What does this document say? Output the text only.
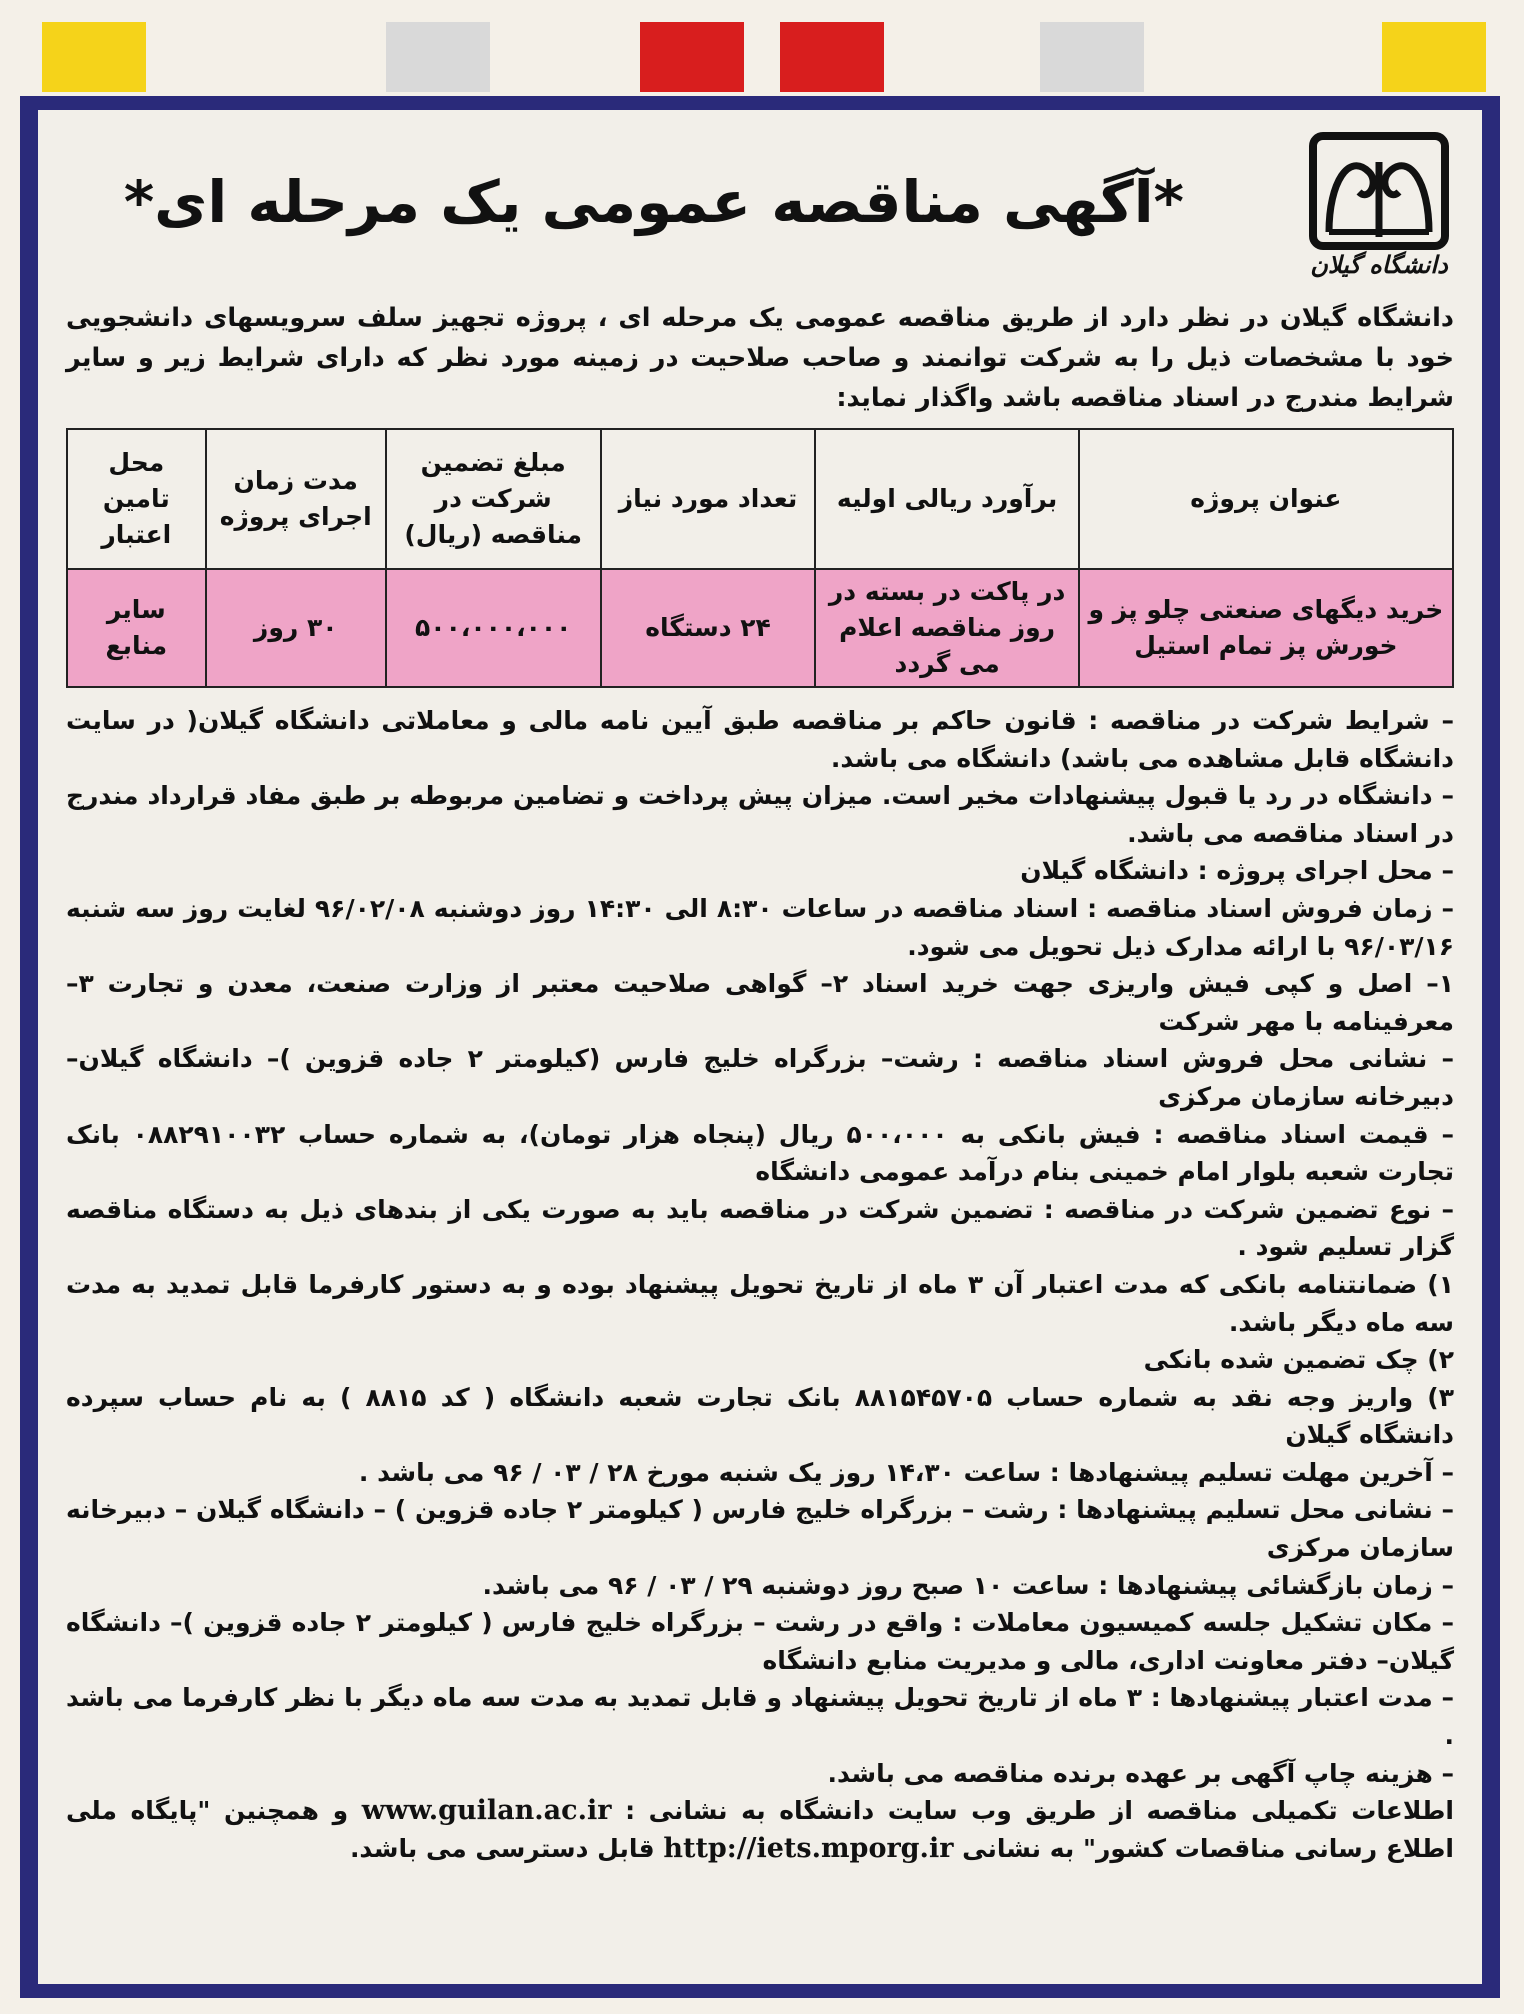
دانشگاه گیلان
*آگهی مناقصه عمومی یک مرحله ای*
دانشگاه گیلان در نظر دارد از طریق مناقصه عمومی یک مرحله ای ، پروژه تجهیز سلف سرویسهای دانشجویی خود با مشخصات ذیل را به شرکت توانمند و صاحب صلاحیت در زمینه مورد نظر که دارای شرایط زیر و سایر شرایط مندرج در اسناد مناقصه باشد واگذار نماید:
عنوان پروژه	برآورد ریالی اولیه	تعداد مورد نیاز	مبلغ تضمین شرکت در مناقصه (ریال)	مدت زمان اجرای پروژه	محل تامین اعتبار
خرید دیگهای صنعتی چلو پز و خورش پز تمام استیل	در پاکت در بسته در روز مناقصه اعلام می گردد	۲۴ دستگاه	۵۰۰،۰۰۰،۰۰۰	۳۰ روز	سایر منابع

– شرایط شرکت در مناقصه : قانون حاکم بر مناقصه طبق آیین نامه مالی و معاملاتی دانشگاه گیلان( در سایت دانشگاه قابل مشاهده می باشد) دانشگاه می باشد.

– دانشگاه در رد یا قبول پیشنهادات مخیر است. میزان پیش پرداخت و تضامین مربوطه بر طبق مفاد قرارداد مندرج در اسناد مناقصه می باشد.

– محل اجرای پروژه : دانشگاه گیلان

– زمان فروش اسناد مناقصه : اسناد مناقصه در ساعات ۸:۳۰ الی ۱۴:۳۰ روز دوشنبه ۹۶/۰۲/۰۸ لغایت روز سه شنبه ۹۶/۰۳/۱۶ با ارائه مدارک ذیل تحویل می شود.

۱– اصل و کپی فیش واریزی جهت خرید اسناد ۲– گواهی صلاحیت معتبر از وزارت صنعت، معدن و تجارت ۳– معرفینامه با مهر شرکت

– نشانی محل فروش اسناد مناقصه : رشت– بزرگراه خلیج فارس (کیلومتر ۲ جاده قزوین )– دانشگاه گیلان– دبیرخانه سازمان مرکزی

– قیمت اسناد مناقصه : فیش بانکی به ۵۰۰،۰۰۰ ریال (پنجاه هزار تومان)، به شماره حساب ۰۸۸۲۹۱۰۰۳۲ بانک تجارت شعبه بلوار امام خمینی بنام درآمد عمومی دانشگاه

– نوع تضمین شرکت در مناقصه : تضمین شرکت در مناقصه باید به صورت یکی از بندهای ذیل به دستگاه مناقصه گزار تسلیم شود .

۱) ضمانتنامه بانکی که مدت اعتبار آن ۳ ماه از تاریخ تحویل پیشنهاد بوده و به دستور کارفرما قابل تمدید به مدت سه ماه دیگر باشد.

۲) چک تضمین شده بانکی

۳) واریز وجه نقد به شماره حساب ۸۸۱۵۴۵۷۰۵ بانک تجارت شعبه دانشگاه ( کد ۸۸۱۵ ) به نام حساب سپرده دانشگاه گیلان

– آخرین مهلت تسلیم پیشنهادها : ساعت ۱۴،۳۰ روز یک شنبه مورخ ۲۸ / ۰۳ / ۹۶ می باشد .

– نشانی محل تسلیم پیشنهادها : رشت – بزرگراه خلیج فارس ( کیلومتر ۲ جاده قزوین ) – دانشگاه گیلان – دبیرخانه سازمان مرکزی

– زمان بازگشائی پیشنهادها : ساعت ۱۰ صبح روز دوشنبه ۲۹ / ۰۳ / ۹۶ می باشد.

– مکان تشکیل جلسه کمیسیون معاملات : واقع در رشت – بزرگراه خلیج فارس ( کیلومتر ۲ جاده قزوین )– دانشگاه گیلان– دفتر معاونت اداری، مالی و مدیریت منابع دانشگاه

– مدت اعتبار پیشنهادها : ۳ ماه از تاریخ تحویل پیشنهاد و قابل تمدید به مدت سه ماه دیگر با نظر کارفرما می باشد .

– هزینه چاپ آگهی بر عهده برنده مناقصه می باشد.

اطلاعات تکمیلی مناقصه از طریق وب سایت دانشگاه به نشانی : www.guilan.ac.ir و همچنین "پایگاه ملی اطلاع رسانی مناقصات کشور" به نشانی http://iets.mporg.ir قابل دسترسی می باشد.
